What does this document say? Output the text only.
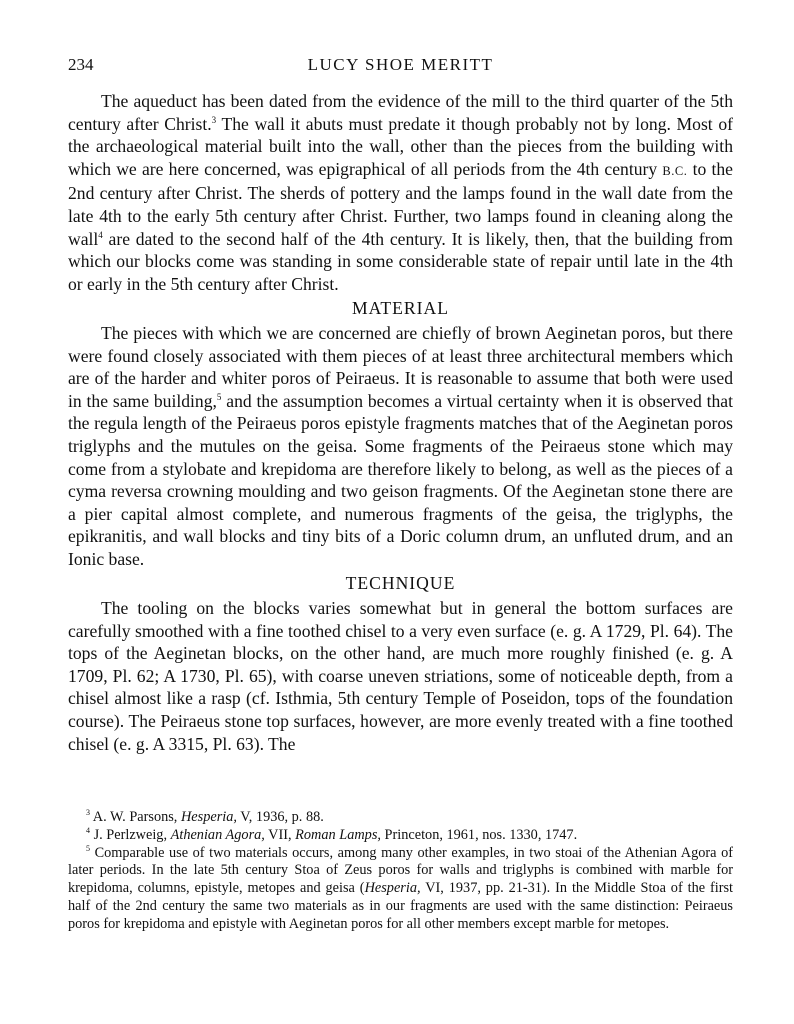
234	LUCY SHOE MERITT

The aqueduct has been dated from the evidence of the mill to the third quarter of the 5th century after Christ.$^3$ The wall it abuts must predate it though probably not by long. Most of the archaeological material built into the wall, other than the pieces from the building with which we are here concerned, was epigraphical of all periods from the 4th century B.C. to the 2nd century after Christ. The sherds of pottery and the lamps found in the wall date from the late 4th to the early 5th century after Christ. Further, two lamps found in cleaning along the wall$^4$ are dated to the second half of the 4th century. It is likely, then, that the building from which our blocks come was standing in some considerable state of repair until late in the 4th or early in the 5th century after Christ.

MATERIAL

The pieces with which we are concerned are chiefly of brown Aeginetan poros, but there were found closely associated with them pieces of at least three architectural members which are of the harder and whiter poros of Peiraeus. It is reasonable to assume that both were used in the same building,$^5$ and the assumption becomes a virtual certainty when it is observed that the regula length of the Peiraeus poros epistyle fragments matches that of the Aeginetan poros triglyphs and the mutules on the geisa. Some fragments of the Peiraeus stone which may come from a stylobate and krepidoma are therefore likely to belong, as well as the pieces of a cyma reversa crowning moulding and two geison fragments. Of the Aeginetan stone there are a pier capital almost complete, and numerous fragments of the geisa, the triglyphs, the epikranitis, and wall blocks and tiny bits of a Doric column drum, an unfluted drum, and an Ionic base.

TECHNIQUE

The tooling on the blocks varies somewhat but in general the bottom surfaces are carefully smoothed with a fine toothed chisel to a very even surface (e. g. A 1729, Pl. 64). The tops of the Aeginetan blocks, on the other hand, are much more roughly finished (e. g. A 1709, Pl. 62; A 1730, Pl. 65), with coarse uneven striations, some of noticeable depth, from a chisel almost like a rasp (cf. Isthmia, 5th century Temple of Poseidon, tops of the foundation course). The Peiraeus stone top surfaces, however, are more evenly treated with a fine toothed chisel (e. g. A 3315, Pl. 63). The

$^3$ A. W. Parsons, Hesperia, V, 1936, p. 88.

$^4$ J. Perlzweig, Athenian Agora, VII, Roman Lamps, Princeton, 1961, nos. 1330, 1747.

$^5$ Comparable use of two materials occurs, among many other examples, in two stoai of the Athenian Agora of later periods. In the late 5th century Stoa of Zeus poros for walls and triglyphs is combined with marble for krepidoma, columns, epistyle, metopes and geisa (Hesperia, VI, 1937, pp. 21-31). In the Middle Stoa of the first half of the 2nd century the same two materials as in our fragments are used with the same distinction: Peiraeus poros for krepidoma and epistyle with Aeginetan poros for all other members except marble for metopes.
